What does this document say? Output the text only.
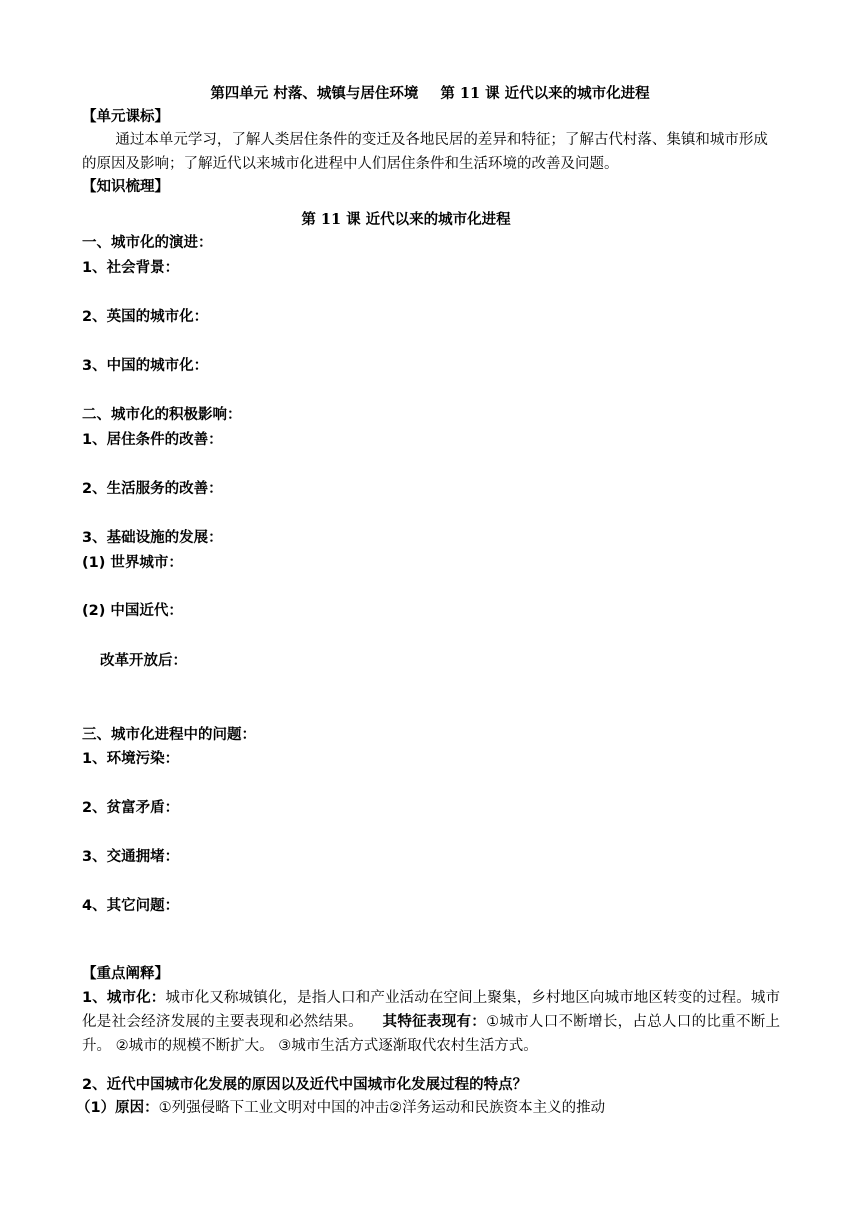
第四单元 村落、城镇与居住环境 第 11 课 近代以来的城市化进程
【单元课标】
通过本单元学习，了解人类居住条件的变迁及各地民居的差异和特征；了解古代村落、集镇和城市形成的原因及影响；了解近代以来城市化进程中人们居住条件和生活环境的改善及问题。
【知识梳理】
第 11 课 近代以来的城市化进程
一、城市化的演进：
1、社会背景：
2、英国的城市化：
3、中国的城市化：
二、城市化的积极影响：
1、居住条件的改善：
2、生活服务的改善：
3、基础设施的发展：
(1) 世界城市：
(2) 中国近代：
改革开放后：
三、城市化进程中的问题：
1、环境污染：
2、贫富矛盾：
3、交通拥堵：
4、其它问题：
【重点阐释】
1、城市化：城市化又称城镇化，是指人口和产业活动在空间上聚集，乡村地区向城市地区转变的过程。城市化是社会经济发展的主要表现和必然结果。 其特征表现有：①城市人口不断增长，占总人口的比重不断上升。 ②城市的规模不断扩大。 ③城市生活方式逐渐取代农村生活方式。
2、近代中国城市化发展的原因以及近代中国城市化发展过程的特点？
（1）原因：①列强侵略下工业文明对中国的冲击②洋务运动和民族资本主义的推动
